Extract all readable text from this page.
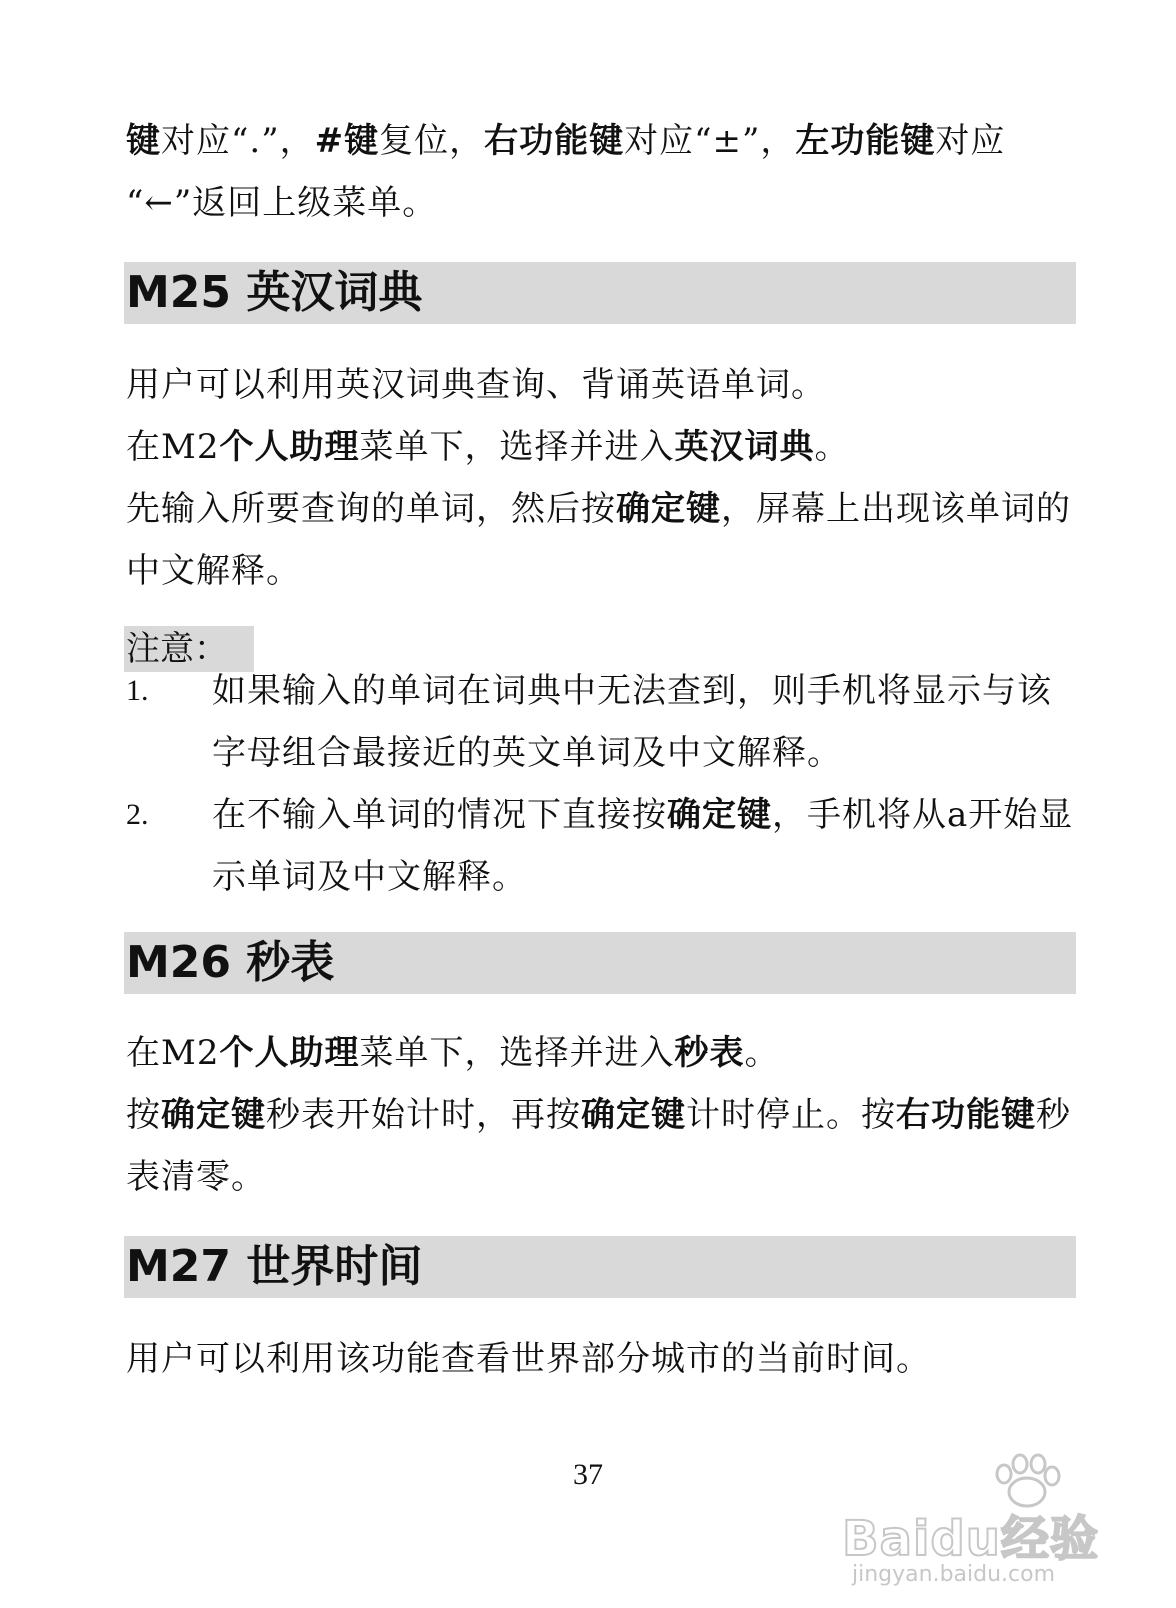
键对应“.”，#键复位，右功能键对应“±”，左功能键对应
“←”返回上级菜单。

M25 英汉词典

用户可以利用英汉词典查询、背诵英语单词。

在M2个人助理菜单下，选择并进入英汉词典。

先输入所要查询的单词，然后按确定键，屏幕上出现该单词的中文解释。

注意：
1. 如果输入的单词在词典中无法查到，则手机将显示与该字母组合最接近的英文单词及中文解释。

2. 在不输入单词的情况下直接按确定键，手机将从a开始显示单词及中文解释。

M26 秒表

在M2个人助理菜单下，选择并进入秒表。

按确定键秒表开始计时，再按确定键计时停止。按右功能键秒表清零。

M27 世界时间

用户可以利用该功能查看世界部分城市的当前时间。

37
Baidu经验
jingyan.baidu.com
